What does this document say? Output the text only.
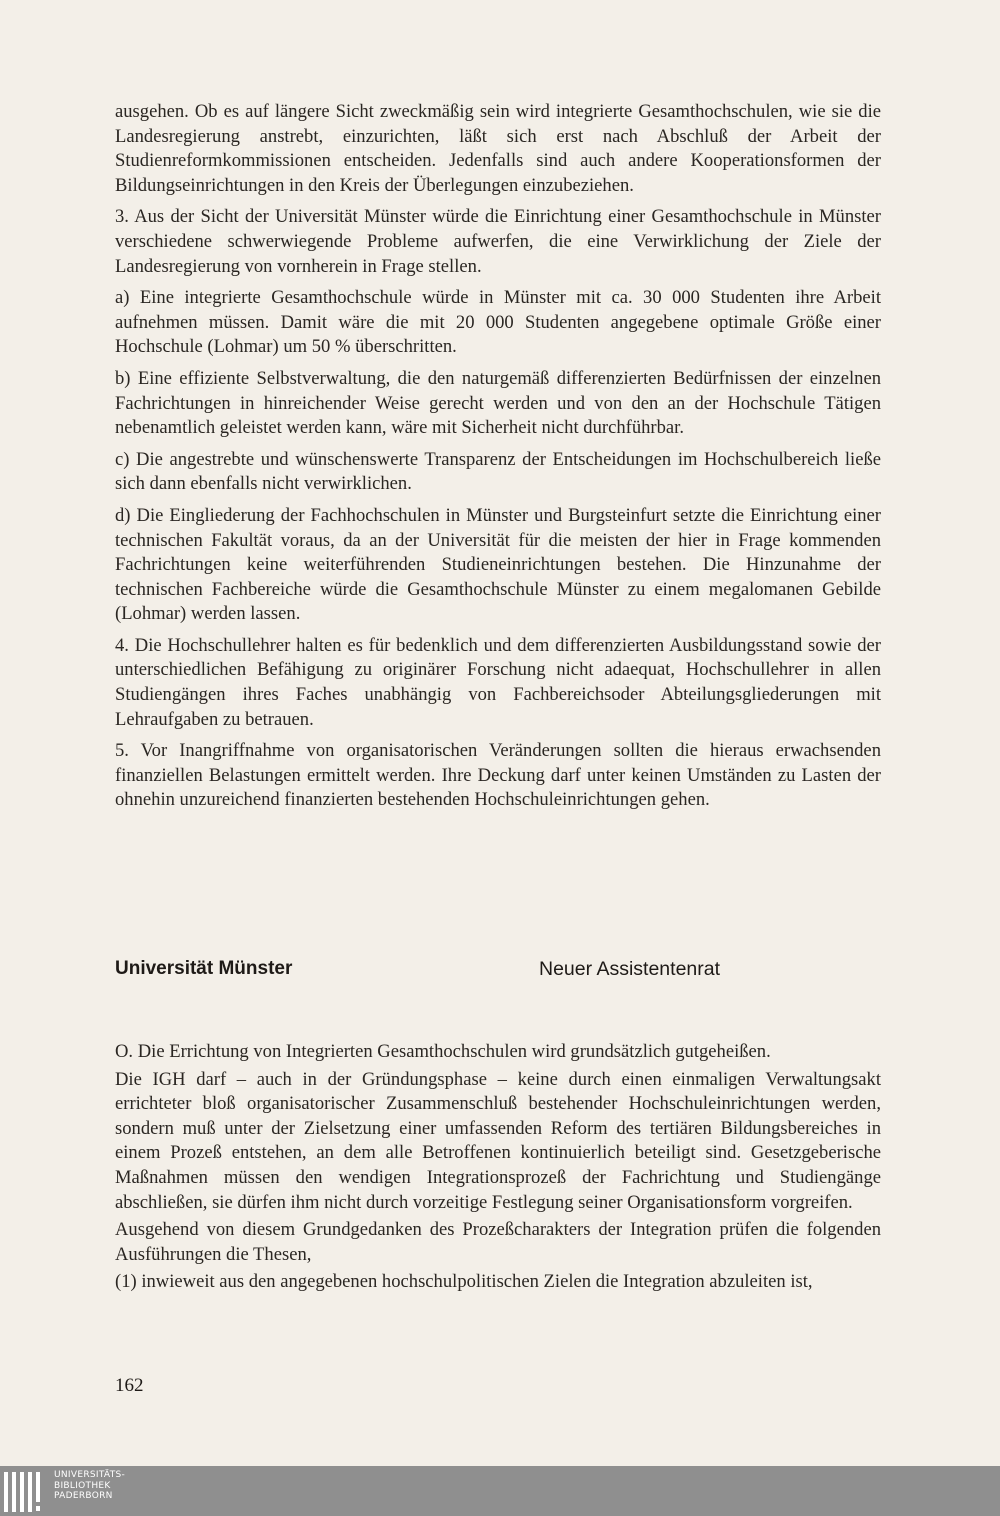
ausgehen. Ob es auf längere Sicht zweckmäßig sein wird integrierte Gesamthochschulen, wie sie die Landesregierung anstrebt, einzurichten, läßt sich erst nach Abschluß der Arbeit der Studienreformkommissionen entscheiden. Jedenfalls sind auch andere Kooperationsformen der Bildungseinrichtungen in den Kreis der Überlegungen einzubeziehen.

3. Aus der Sicht der Universität Münster würde die Einrichtung einer Gesamthochschule in Münster verschiedene schwerwiegende Probleme aufwerfen, die eine Verwirklichung der Ziele der Landesregierung von vornherein in Frage stellen.

a) Eine integrierte Gesamthochschule würde in Münster mit ca. 30 000 Studenten ihre Arbeit aufnehmen müssen. Damit wäre die mit 20 000 Studenten angegebene optimale Größe einer Hochschule (Lohmar) um 50 % überschritten.

b) Eine effiziente Selbstverwaltung, die den naturgemäß differenzierten Bedürfnissen der einzelnen Fachrichtungen in hinreichender Weise gerecht werden und von den an der Hochschule Tätigen nebenamtlich geleistet werden kann, wäre mit Sicherheit nicht durchführbar.

c) Die angestrebte und wünschenswerte Transparenz der Entscheidungen im Hochschulbereich ließe sich dann ebenfalls nicht verwirklichen.

d) Die Eingliederung der Fachhochschulen in Münster und Burgsteinfurt setzte die Einrichtung einer technischen Fakultät voraus, da an der Universität für die meisten der hier in Frage kommenden Fachrichtungen keine weiterführenden Studieneinrichtungen bestehen. Die Hinzunahme der technischen Fachbereiche würde die Gesamthochschule Münster zu einem megalomanen Gebilde (Lohmar) werden lassen.

4. Die Hochschullehrer halten es für bedenklich und dem differenzierten Ausbildungsstand sowie der unterschiedlichen Befähigung zu originärer Forschung nicht adaequat, Hochschullehrer in allen Studiengängen ihres Faches unabhängig von Fachbereichsoder Abteilungsgliederungen mit Lehraufgaben zu betrauen.

5. Vor Inangriffnahme von organisatorischen Veränderungen sollten die hieraus erwachsenden finanziellen Belastungen ermittelt werden. Ihre Deckung darf unter keinen Umständen zu Lasten der ohnehin unzureichend finanzierten bestehenden Hochschuleinrichtungen gehen.

Universität Münster	Neuer Assistentenrat

O. Die Errichtung von Integrierten Gesamthochschulen wird grundsätzlich gutgeheißen.

Die IGH darf – auch in der Gründungsphase – keine durch einen einmaligen Verwaltungsakt errichteter bloß organisatorischer Zusammenschluß bestehender Hochschuleinrichtungen werden, sondern muß unter der Zielsetzung einer umfassenden Reform des tertiären Bildungsbereiches in einem Prozeß entstehen, an dem alle Betroffenen kontinuierlich beteiligt sind. Gesetzgeberische Maßnahmen müssen den wendigen Integrationsprozeß der Fachrichtung und Studiengänge abschließen, sie dürfen ihm nicht durch vorzeitige Festlegung seiner Organisationsform vorgreifen.

Ausgehend von diesem Grundgedanken des Prozeßcharakters der Integration prüfen die folgenden Ausführungen die Thesen,

(1) inwieweit aus den angegebenen hochschulpolitischen Zielen die Integration abzuleiten ist,

162
UNIVERSITÄTS-
BIBLIOTHEK
PADERBORN
